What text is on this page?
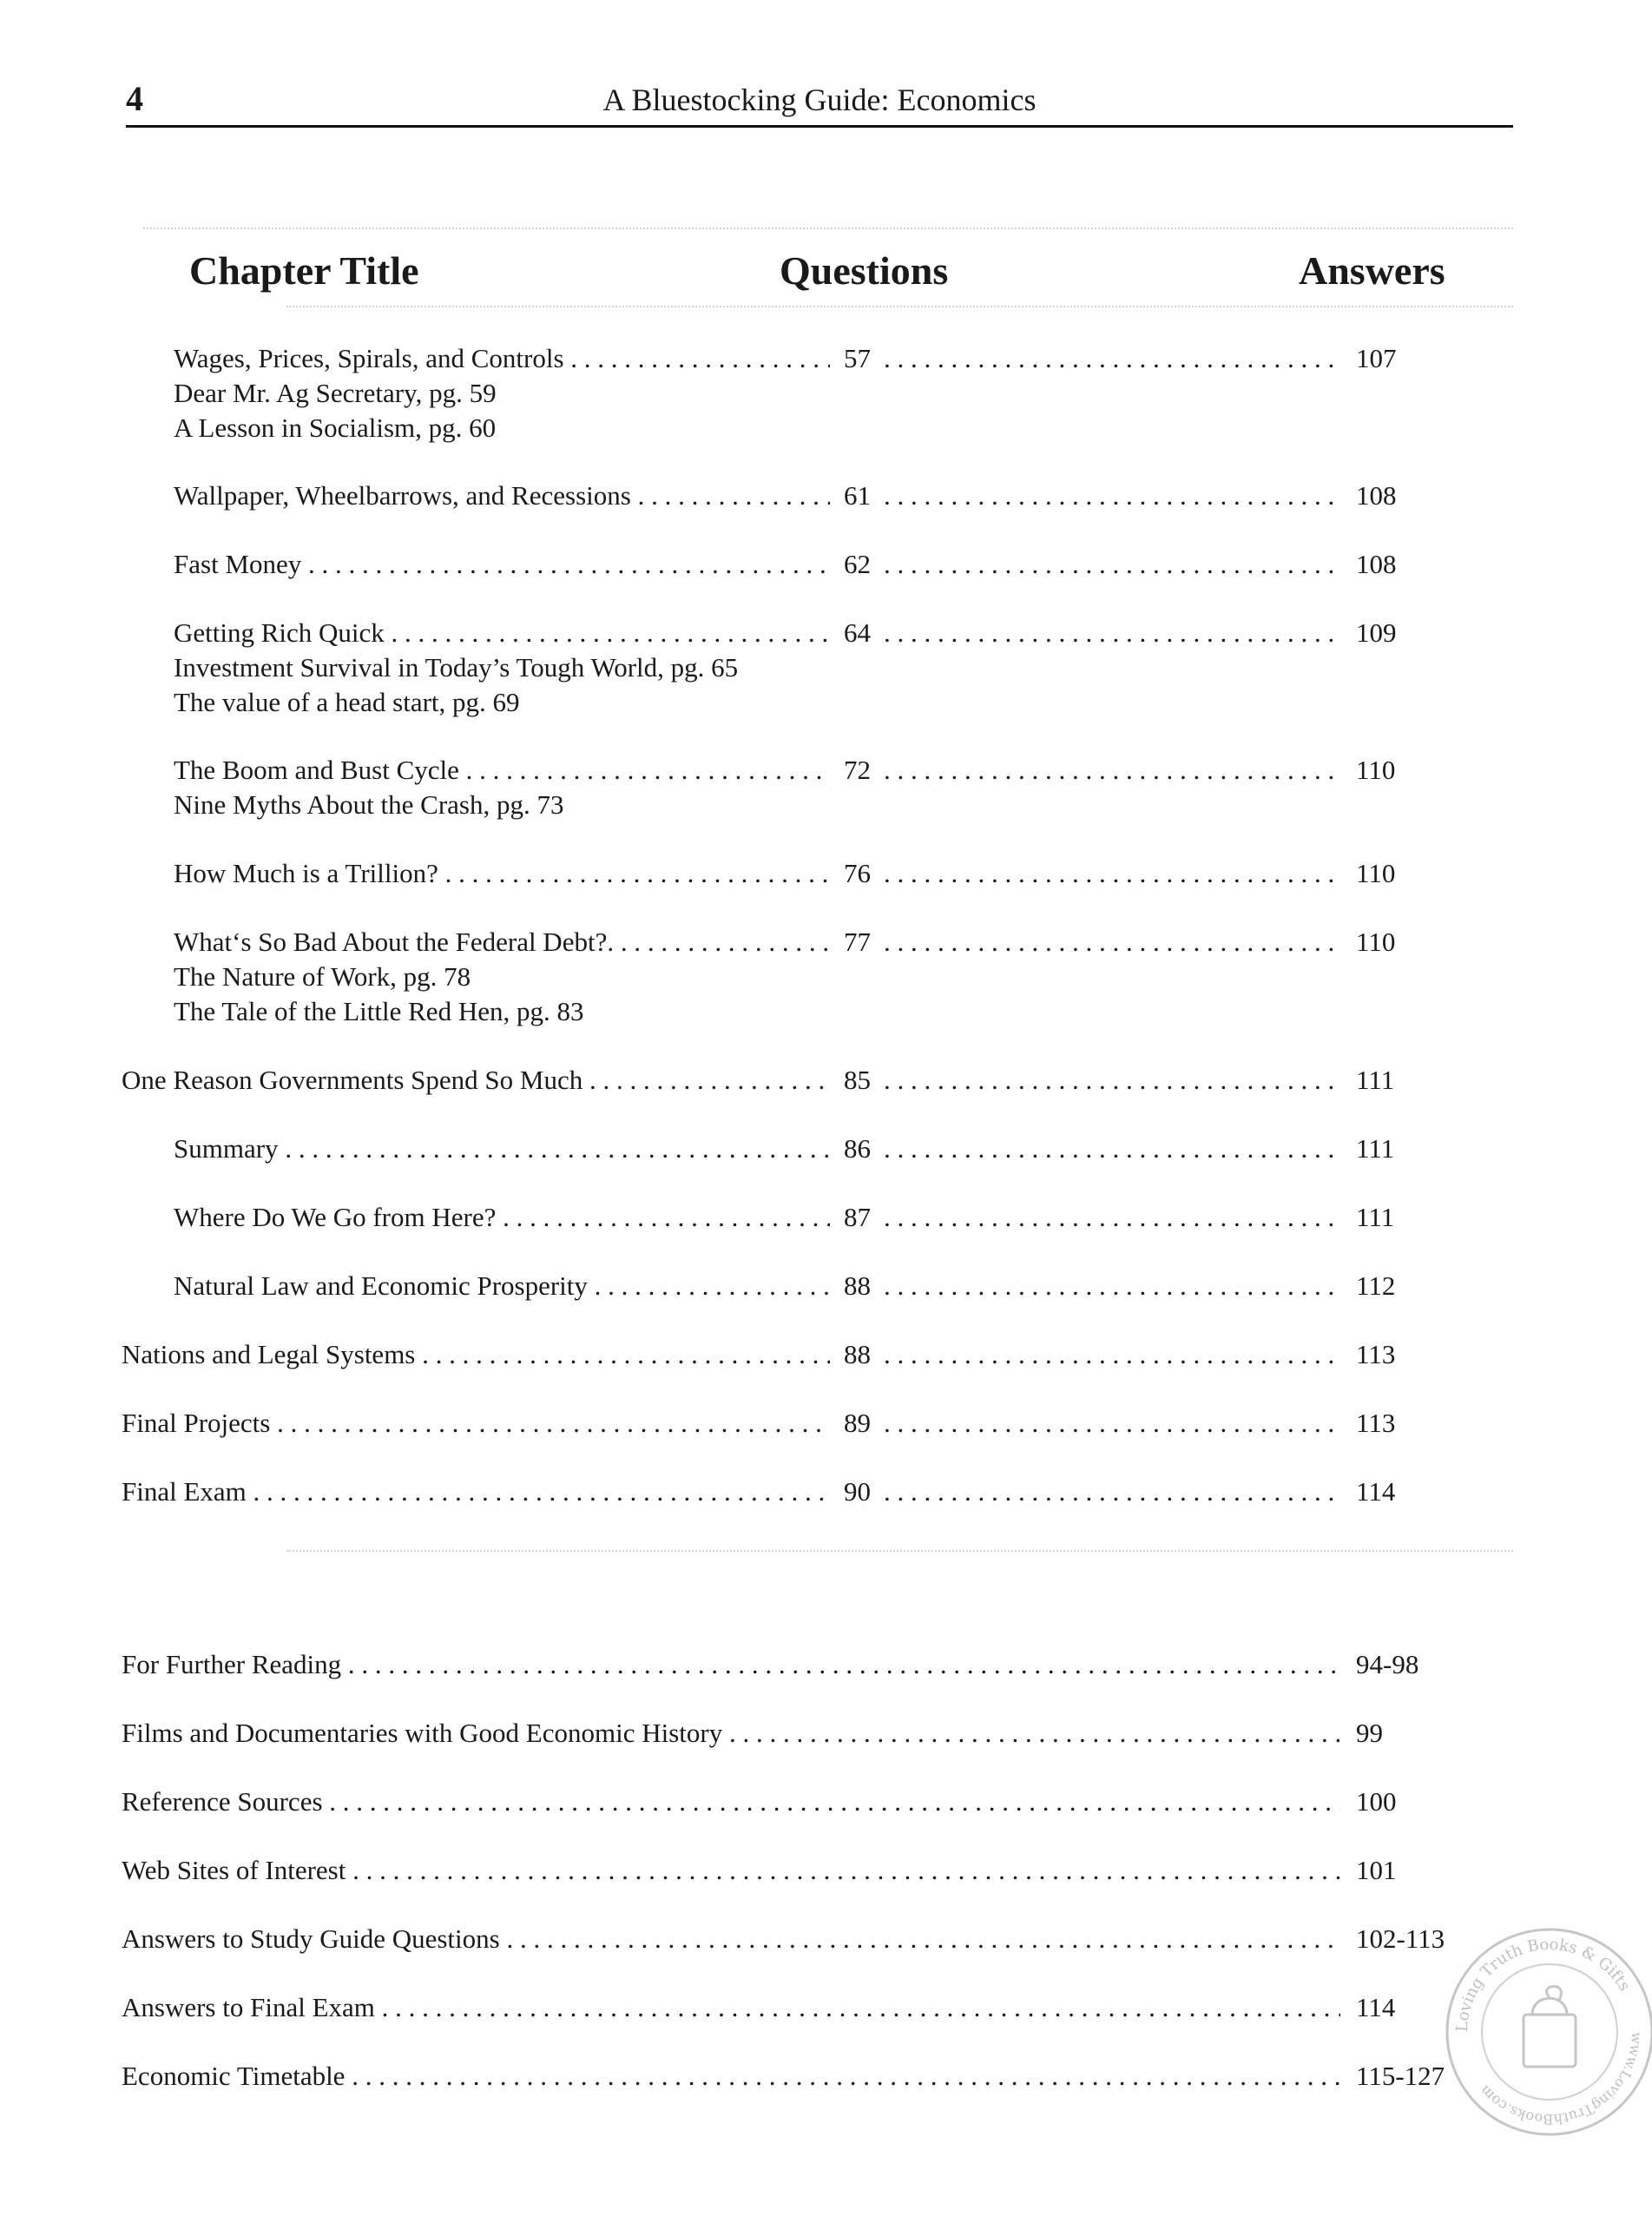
4	A Bluestocking Guide: Economics
Chapter Title	Questions	Answers
Wages, Prices, Spirals, and Controls . . .	57 . . .	107
Dear Mr. Ag Secretary, pg. 59
A Lesson in Socialism, pg. 60
Wallpaper, Wheelbarrows, and Recessions . . .	61 . . .	108
Fast Money . . .	62 . . .	108
Getting Rich Quick . . .	64 . . .	109
Investment Survival in Today’s Tough World, pg. 65
The value of a head start, pg. 69
The Boom and Bust Cycle . . .	72 . . .	110
Nine Myths About the Crash, pg. 73
How Much is a Trillion? . . .	76 . . .	110
What‘s So Bad About the Federal Debt?. . . .	77 . . .	110
The Nature of Work, pg. 78
The Tale of the Little Red Hen, pg. 83
One Reason Governments Spend So Much . . .	85 . . .	111
Summary . . .	86 . . .	111
Where Do We Go from Here? . . .	87 . . .	111
Natural Law and Economic Prosperity . . .	88 . . .	112
Nations and Legal Systems . . .	88 . . .	113
Final Projects . . .	89 . . .	113
Final Exam . . .	90 . . .	114
For Further Reading . . .	94-98
Films and Documentaries with Good Economic History . . .	99
Reference Sources . . .	100
Web Sites of Interest . . .	101
Answers to Study Guide Questions . . .	102-113
Answers to Final Exam . . .	114
Economic Timetable . . .	115-127
Loving Truth Books & Gifts
www.LovingTruthBooks.com
